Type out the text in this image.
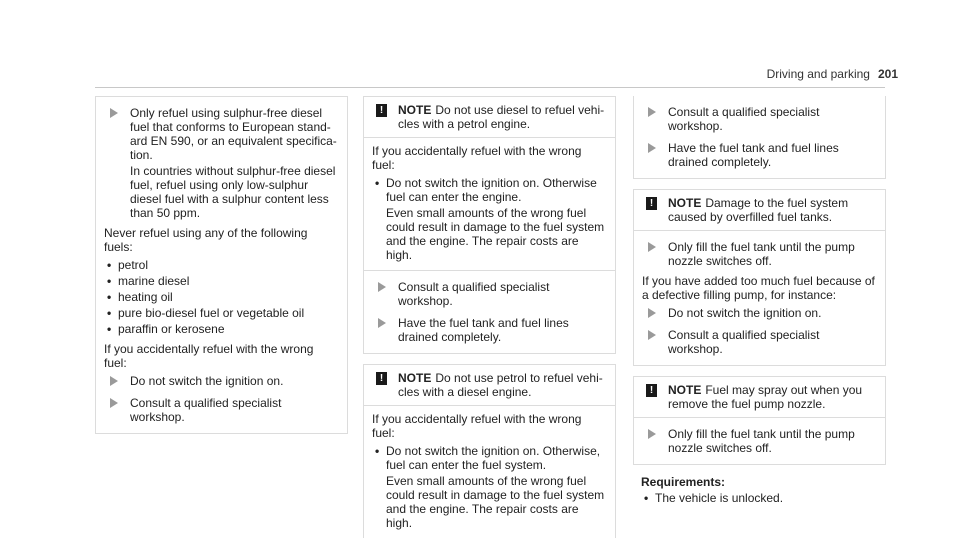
Driving and parking 201

Only refuel using sulphur-free diesel fuel that conforms to European stand-ard EN 590, or an equivalent specifica-tion.

In countries without sulphur-free diesel fuel, refuel using only low-sulphur diesel fuel with a sulphur content less than 50 ppm.

Never refuel using any of the following fuels:

• petrol
• marine diesel
• heating oil
• pure bio-diesel fuel or vegetable oil
• paraffin or kerosene

If you accidentally refuel with the wrong fuel:

Do not switch the ignition on.

Consult a qualified specialist workshop.

!	NOTE Do not use diesel to refuel vehi-cles with a petrol engine.

If you accidentally refuel with the wrong fuel:

• Do not switch the ignition on. Otherwise fuel can enter the engine.

Even small amounts of the wrong fuel could result in damage to the fuel system and the engine. The repair costs are high.

Consult a qualified specialist workshop.

Have the fuel tank and fuel lines drained completely.

!	NOTE Do not use petrol to refuel vehi-cles with a diesel engine.

If you accidentally refuel with the wrong fuel:

• Do not switch the ignition on. Otherwise, fuel can enter the fuel system.

Even small amounts of the wrong fuel could result in damage to the fuel system and the engine. The repair costs are high.

Consult a qualified specialist workshop.

Have the fuel tank and fuel lines drained completely.

!	NOTE Damage to the fuel system caused by overfilled fuel tanks.

Only fill the fuel tank until the pump nozzle switches off.

If you have added too much fuel because of a defective filling pump, for instance:

Do not switch the ignition on.

Consult a qualified specialist workshop.

!	NOTE Fuel may spray out when you remove the fuel pump nozzle.

Only fill the fuel tank until the pump nozzle switches off.

Requirements:

• The vehicle is unlocked.
